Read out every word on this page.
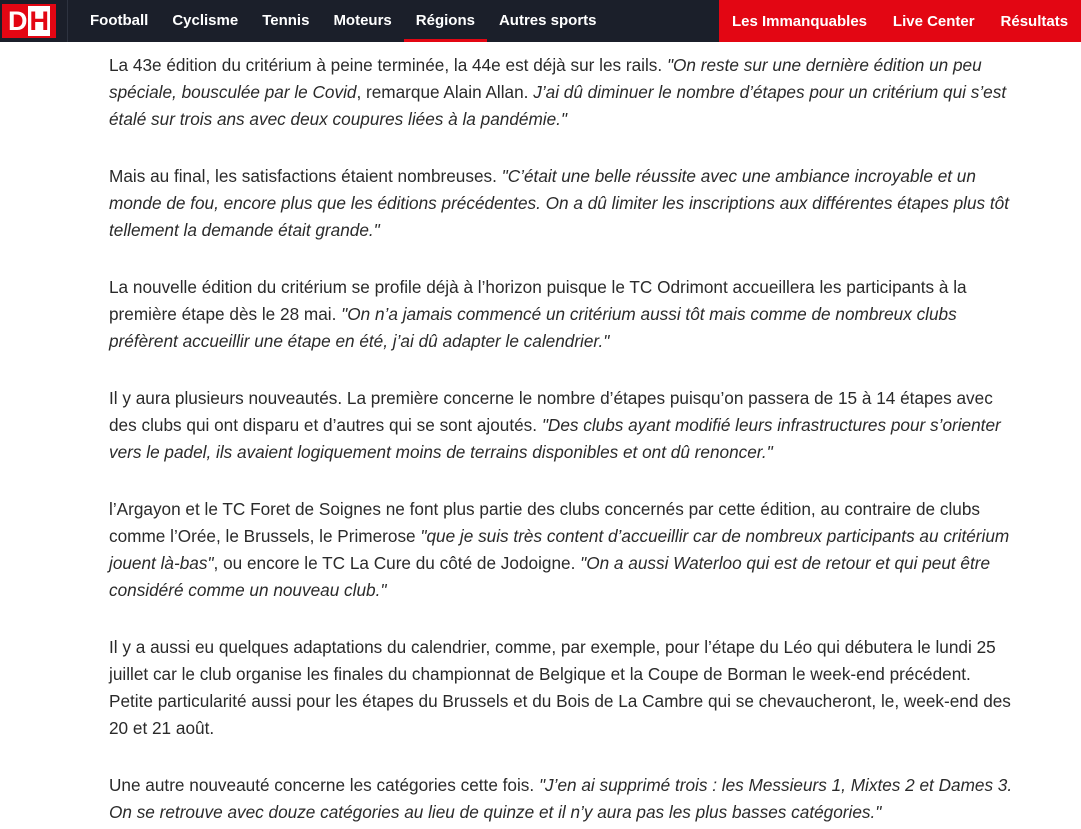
D H	Football	Cyclisme	Tennis	Moteurs	Régions	Autres sports	Les Immanquables	Live Center	Résultats

La 43e édition du critérium à peine terminée, la 44e est déjà sur les rails. "On reste sur une dernière édition un peu spéciale, bousculée par le Covid, remarque Alain Allan. J’ai dû diminuer le nombre d’étapes pour un critérium qui s’est étalé sur trois ans avec deux coupures liées à la pandémie."

Mais au final, les satisfactions étaient nombreuses. "C’était une belle réussite avec une ambiance incroyable et un monde de fou, encore plus que les éditions précédentes. On a dû limiter les inscriptions aux différentes étapes plus tôt tellement la demande était grande."

La nouvelle édition du critérium se profile déjà à l’horizon puisque le TC Odrimont accueillera les participants à la première étape dès le 28 mai. "On n’a jamais commencé un critérium aussi tôt mais comme de nombreux clubs préfèrent accueillir une étape en été, j’ai dû adapter le calendrier."

Il y aura plusieurs nouveautés. La première concerne le nombre d’étapes puisqu’on passera de 15 à 14 étapes avec des clubs qui ont disparu et d’autres qui se sont ajoutés. "Des clubs ayant modifié leurs infrastructures pour s’orienter vers le padel, ils avaient logiquement moins de terrains disponibles et ont dû renoncer."

l’Argayon et le TC Foret de Soignes ne font plus partie des clubs concernés par cette édition, au contraire de clubs comme l’Orée, le Brussels, le Primerose "que je suis très content d’accueillir car de nombreux participants au critérium jouent là-bas", ou encore le TC La Cure du côté de Jodoigne. "On a aussi Waterloo qui est de retour et qui peut être considéré comme un nouveau club."

Il y a aussi eu quelques adaptations du calendrier, comme, par exemple, pour l’étape du Léo qui débutera le lundi 25 juillet car le club organise les finales du championnat de Belgique et la Coupe de Borman le week-end précédent. Petite particularité aussi pour les étapes du Brussels et du Bois de La Cambre qui se chevaucheront, le, week-end des 20 et 21 août.

Une autre nouveauté concerne les catégories cette fois. "J’en ai supprimé trois : les Messieurs 1, Mixtes 2 et Dames 3. On se retrouve avec douze catégories au lieu de quinze et il n’y aura pas les plus basses catégories."
